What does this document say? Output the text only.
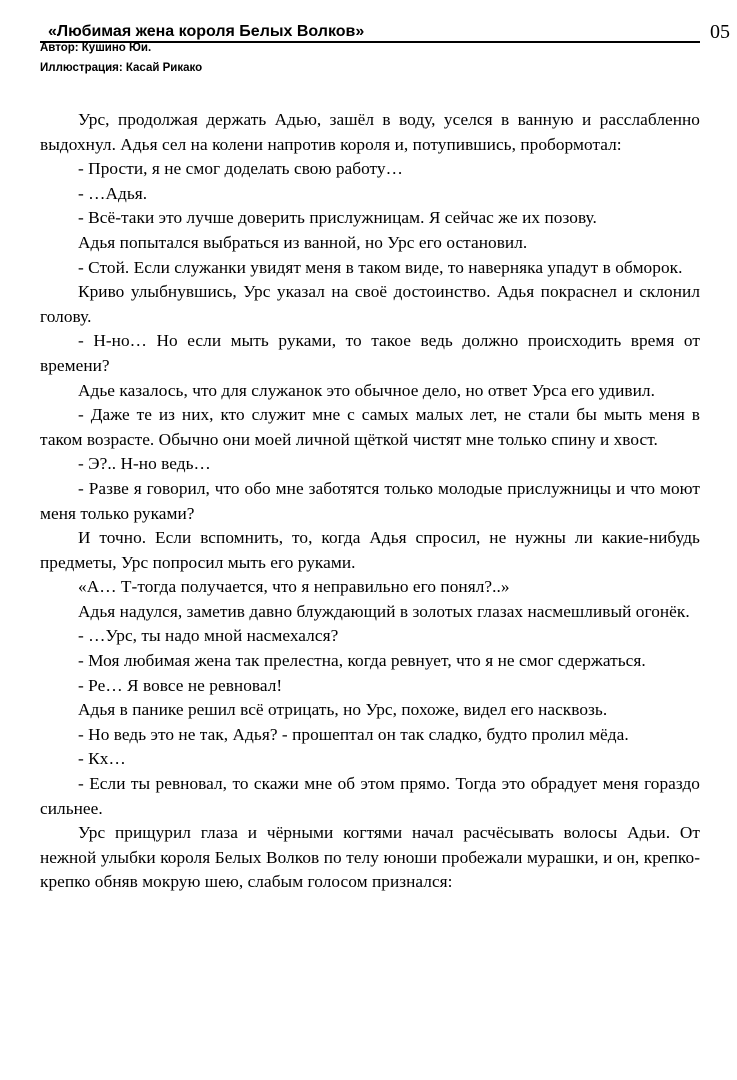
«Любимая жена короля Белых Волков»	05
Автор: Кушино Юи.
Иллюстрация: Касай Рикако

Урс, продолжая держать Адью, зашёл в воду, уселся в ванную и расслабленно выдохнул. Адья сел на колени напротив короля и, потупившись, пробормотал:

- Прости, я не смог доделать свою работу…

- …Адья.

- Всё-таки это лучше доверить прислужницам. Я сейчас же их позову.

Адья попытался выбраться из ванной, но Урс его остановил.

- Стой. Если служанки увидят меня в таком виде, то наверняка упадут в обморок.

Криво улыбнувшись, Урс указал на своё достоинство. Адья покраснел и склонил голову.

- Н-но… Но если мыть руками, то такое ведь должно происходить время от времени?

Адье казалось, что для служанок это обычное дело, но ответ Урса его удивил.

- Даже те из них, кто служит мне с самых малых лет, не стали бы мыть меня в таком возрасте. Обычно они моей личной щёткой чистят мне только спину и хвост.

- Э?.. Н-но ведь…

- Разве я говорил, что обо мне заботятся только молодые прислужницы и что моют меня только руками?

И точно. Если вспомнить, то, когда Адья спросил, не нужны ли какие-нибудь предметы, Урс попросил мыть его руками.

«А… Т-тогда получается, что я неправильно его понял?..»

Адья надулся, заметив давно блуждающий в золотых глазах насмешливый огонёк.

- …Урс, ты надо мной насмехался?

- Моя любимая жена так прелестна, когда ревнует, что я не смог сдержаться.

- Ре… Я вовсе не ревновал!

Адья в панике решил всё отрицать, но Урс, похоже, видел его насквозь.

- Но ведь это не так, Адья? - прошептал он так сладко, будто пролил мёда.

- Кх…

- Если ты ревновал, то скажи мне об этом прямо. Тогда это обрадует меня гораздо сильнее.

Урс прищурил глаза и чёрными когтями начал расчёсывать волосы Адьи. От нежной улыбки короля Белых Волков по телу юноши пробежали мурашки, и он, крепко-крепко обняв мокрую шею, слабым голосом признался:
